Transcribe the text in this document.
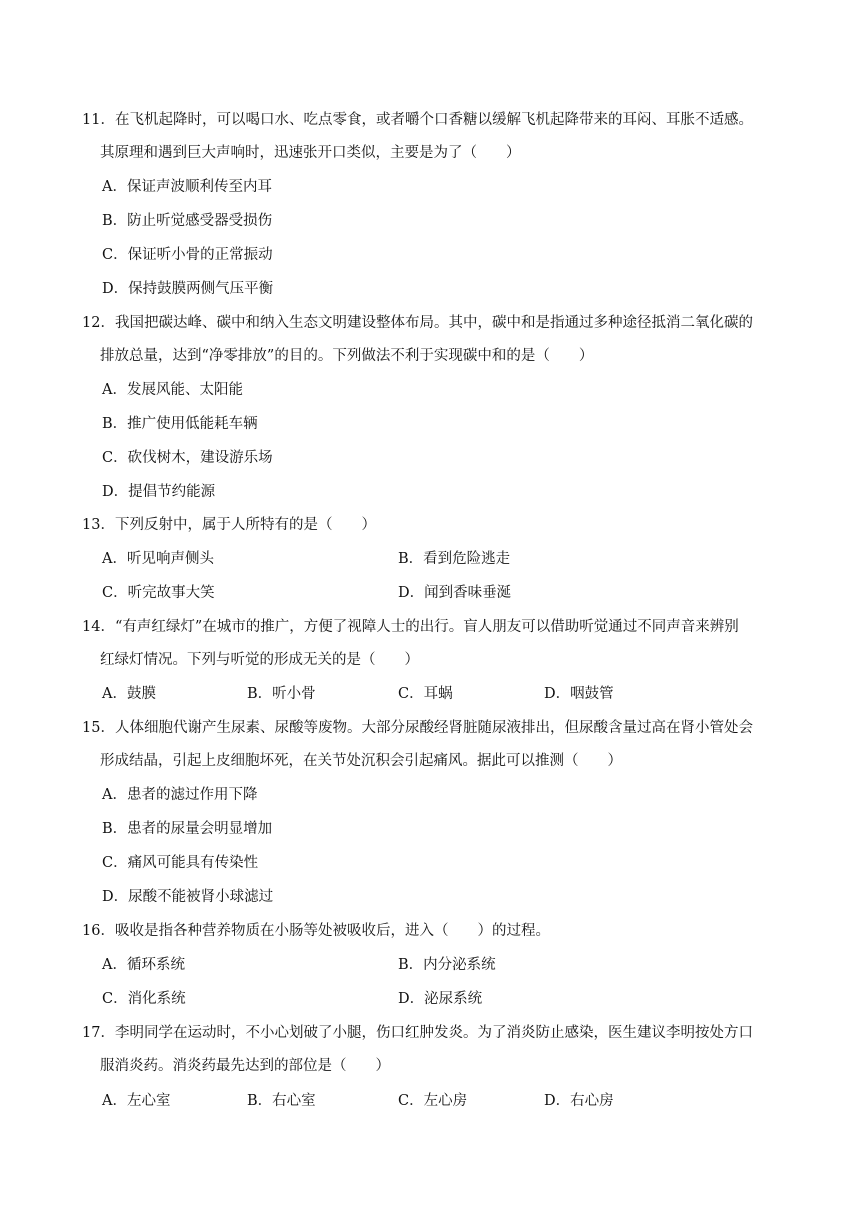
11．在飞机起降时，可以喝口水、吃点零食，或者嚼个口香糖以缓解飞机起降带来的耳闷、耳胀不适感。
其原理和遇到巨大声响时，迅速张开口类似，主要是为了（　　）
A．保证声波顺利传至内耳
B．防止听觉感受器受损伤
C．保证听小骨的正常振动
D．保持鼓膜两侧气压平衡
12．我国把碳达峰、碳中和纳入生态文明建设整体布局。其中，碳中和是指通过多种途径抵消二氧化碳的
排放总量，达到“净零排放”的目的。下列做法不利于实现碳中和的是（　　）
A．发展风能、太阳能
B．推广使用低能耗车辆
C．砍伐树木，建设游乐场
D．提倡节约能源
13．下列反射中，属于人所特有的是（　　）
A．听见响声侧头	B．看到危险逃走
C．听完故事大笑	D．闻到香味垂涎
14．“有声红绿灯”在城市的推广，方便了视障人士的出行。盲人朋友可以借助听觉通过不同声音来辨别
红绿灯情况。下列与听觉的形成无关的是（　　）
A．鼓膜	B．听小骨	C．耳蜗	D．咽鼓管
15．人体细胞代谢产生尿素、尿酸等废物。大部分尿酸经肾脏随尿液排出，但尿酸含量过高在肾小管处会
形成结晶，引起上皮细胞坏死，在关节处沉积会引起痛风。据此可以推测（　　）
A．患者的滤过作用下降
B．患者的尿量会明显增加
C．痛风可能具有传染性
D．尿酸不能被肾小球滤过
16．吸收是指各种营养物质在小肠等处被吸收后，进入（　　）的过程。
A．循环系统	B．内分泌系统
C．消化系统	D．泌尿系统
17．李明同学在运动时，不小心划破了小腿，伤口红肿发炎。为了消炎防止感染，医生建议李明按处方口
服消炎药。消炎药最先达到的部位是（　　）
A．左心室	B．右心室	C．左心房	D．右心房
